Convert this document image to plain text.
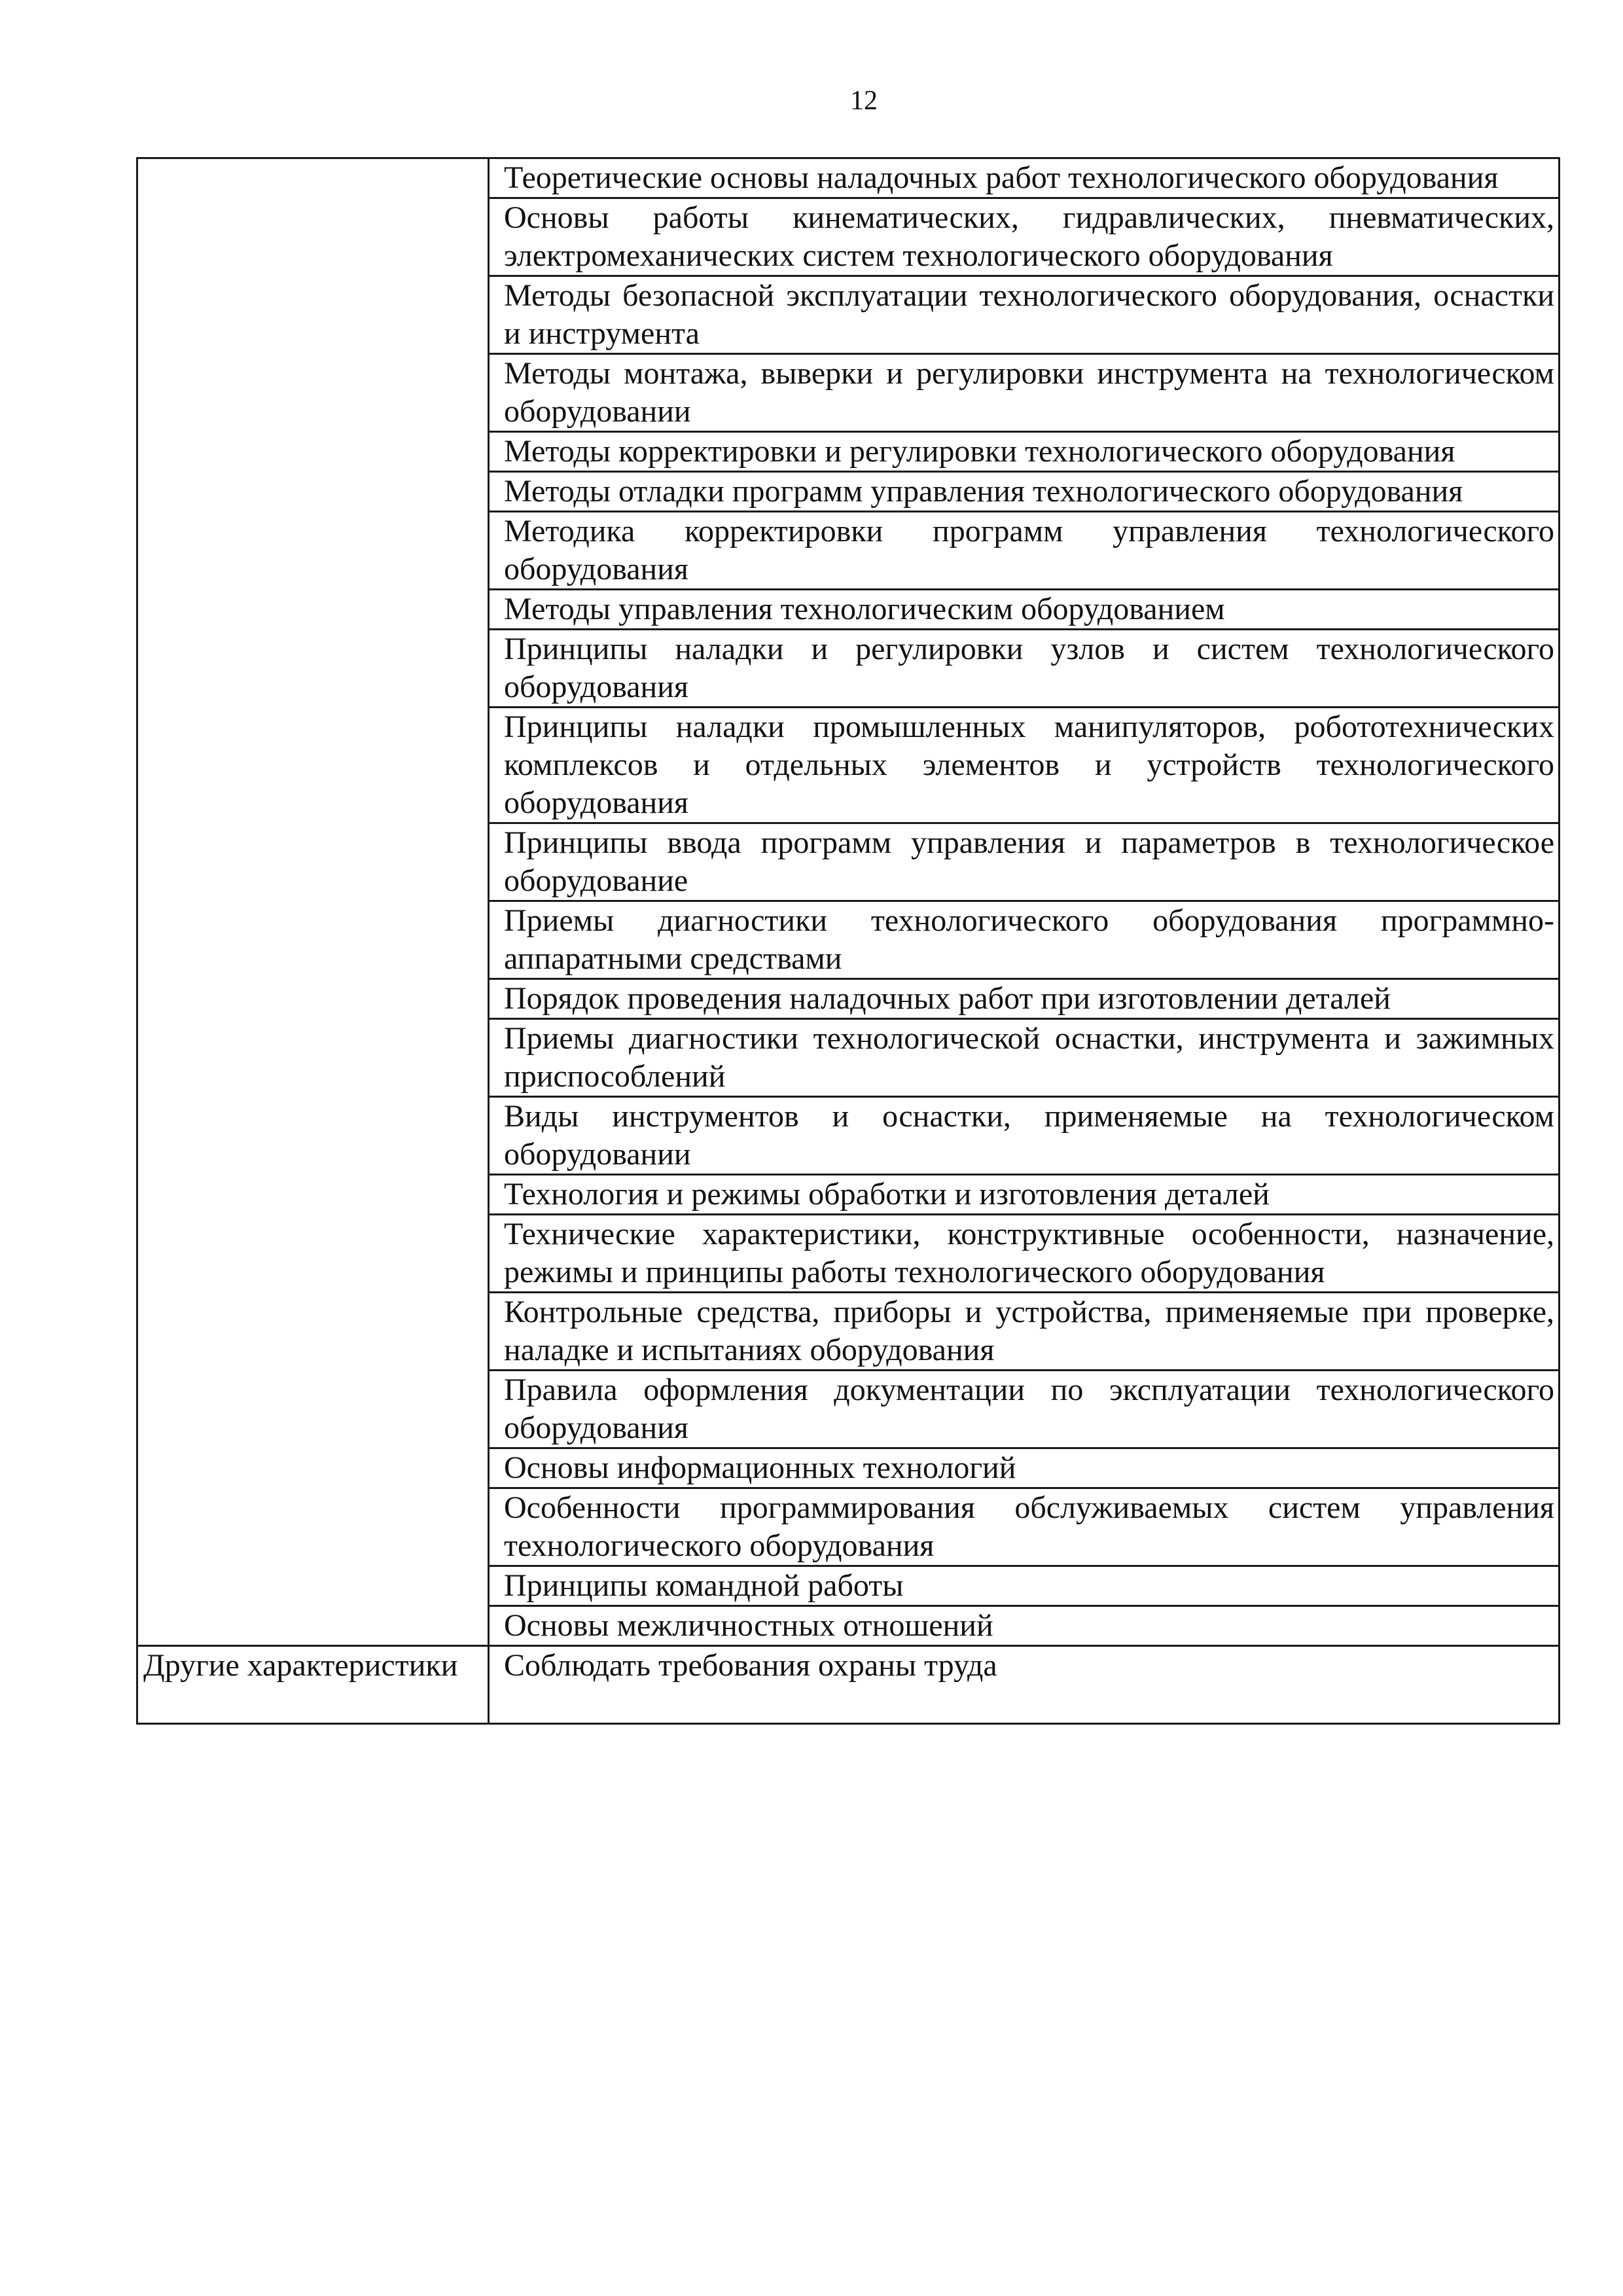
12
	Теоретические основы наладочных работ технологического оборудования
	Основы работы кинематических, гидравлических, пневматических, электромеханических систем технологического оборудования
	Методы безопасной эксплуатации технологического оборудования, оснастки и инструмента
	Методы монтажа, выверки и регулировки инструмента на технологическом оборудовании
	Методы корректировки и регулировки технологического оборудования
	Методы отладки программ управления технологического оборудования
	Методика корректировки программ управления технологического оборудования
	Методы управления технологическим оборудованием
	Принципы наладки и регулировки узлов и систем технологического оборудования
	Принципы наладки промышленных манипуляторов, робототехнических комплексов и отдельных элементов и устройств технологического оборудования
	Принципы ввода программ управления и параметров в технологическое оборудование
	Приемы диагностики технологического оборудования программно-аппаратными средствами
	Порядок проведения наладочных работ при изготовлении деталей
	Приемы диагностики технологической оснастки, инструмента и зажимных приспособлений
	Виды инструментов и оснастки, применяемые на технологическом оборудовании
	Технология и режимы обработки и изготовления деталей
	Технические характеристики, конструктивные особенности, назначение, режимы и принципы работы технологического оборудования
	Контрольные средства, приборы и устройства, применяемые при проверке, наладке и испытаниях оборудования
	Правила оформления документации по эксплуатации технологического оборудования
	Основы информационных технологий
	Особенности программирования обслуживаемых систем управления технологического оборудования
	Принципы командной работы
	Основы межличностных отношений
Другие характеристики	Соблюдать требования охраны труда
